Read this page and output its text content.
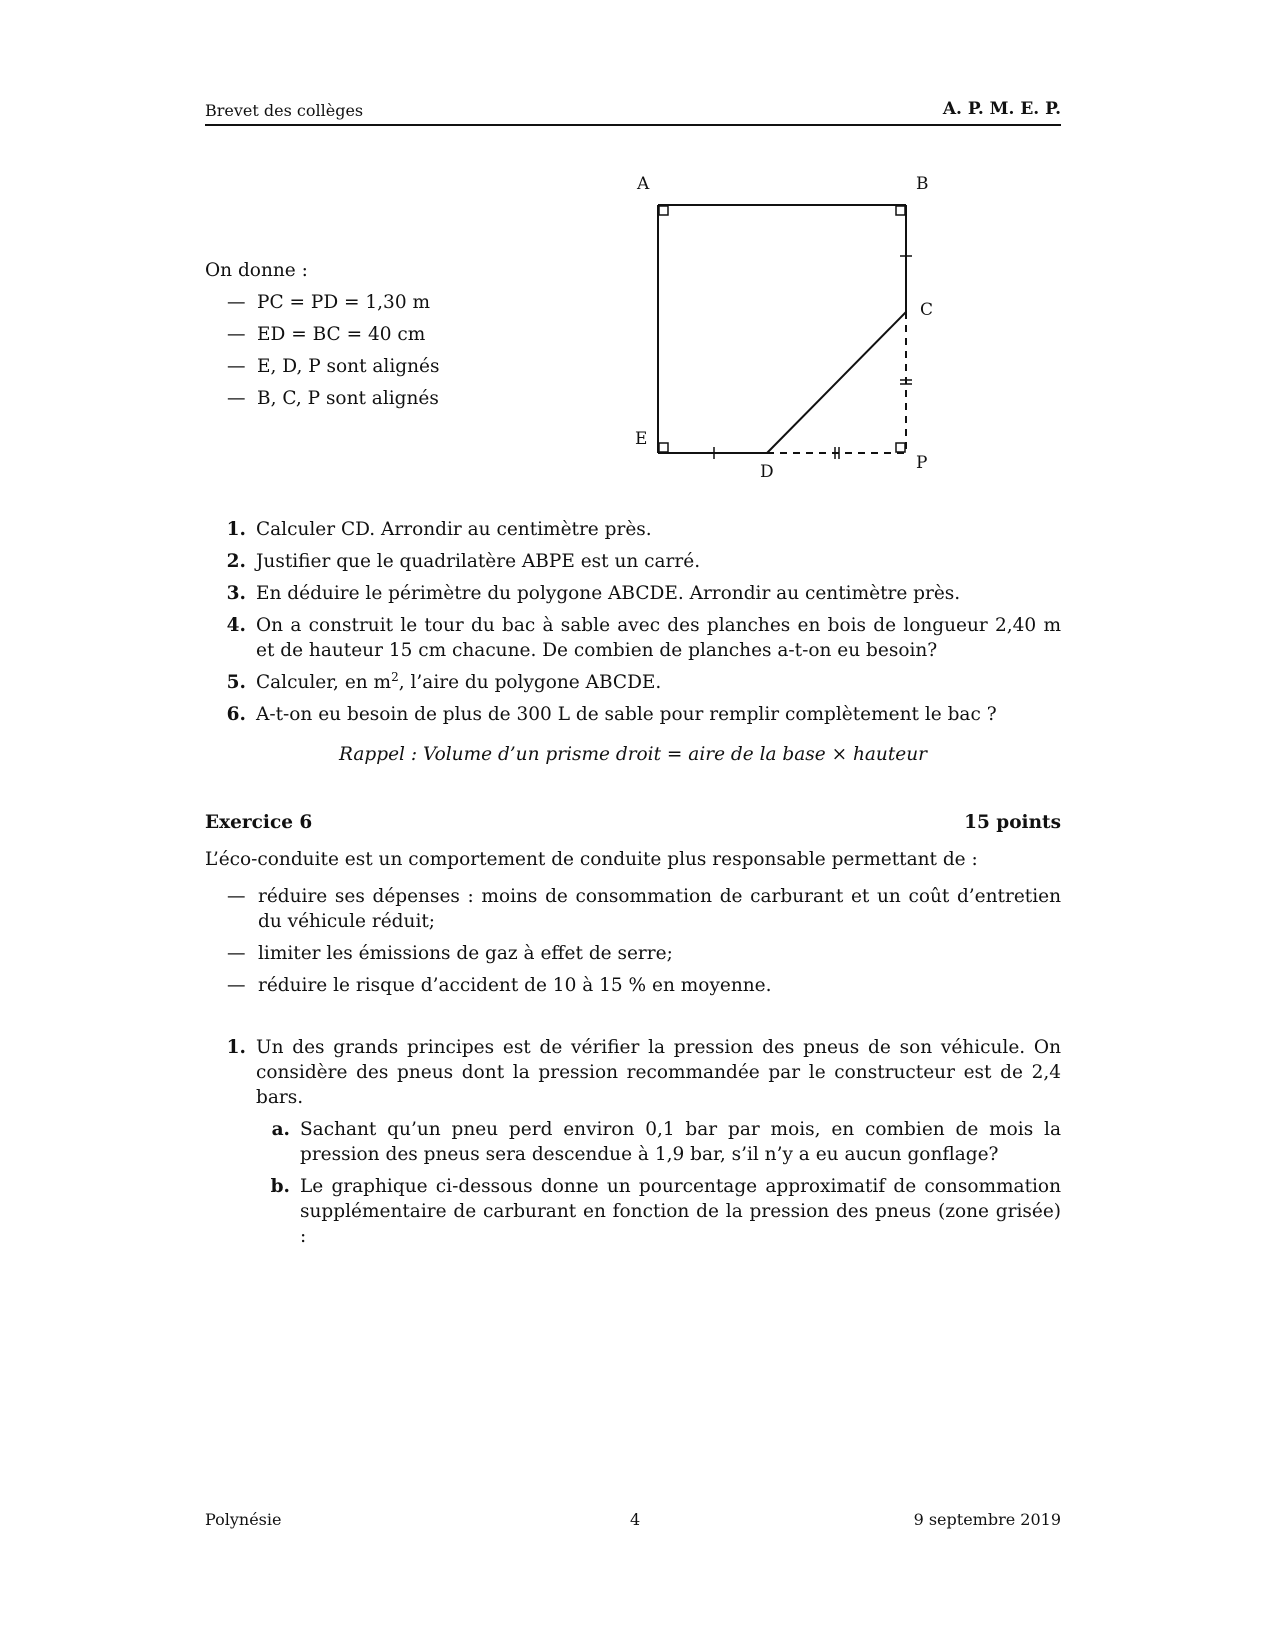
Brevet des collèges	A. P. M. E. P.
On donne :
— PC = PD = 1,30 m
— ED = BC = 40 cm
— E, D, P sont alignés
— B, C, P sont alignés
A	B
C
D
E
P
1. Calculer CD. Arrondir au centimètre près.
2. Justifier que le quadrilatère ABPE est un carré.
3. En déduire le périmètre du polygone ABCDE. Arrondir au centimètre près.
4. On a construit le tour du bac à sable avec des planches en bois de longueur 2,40 m et de hauteur 15 cm chacune. De combien de planches a-t-on eu besoin?
5. Calculer, en $m^2$, l’aire du polygone ABCDE.
6. A-t-on eu besoin de plus de 300 L de sable pour remplir complètement le bac ?
Rappel : Volume d’un prisme droit = aire de la base × hauteur
Exercice 6	15 points
L’éco-conduite est un comportement de conduite plus responsable permettant de :
— réduire ses dépenses : moins de consommation de carburant et un coût d’entretien du véhicule réduit;
— limiter les émissions de gaz à effet de serre;
— réduire le risque d’accident de 10 à 15 % en moyenne.
1. Un des grands principes est de vérifier la pression des pneus de son véhicule. On considère des pneus dont la pression recommandée par le constructeur est de 2,4 bars.
a. Sachant qu’un pneu perd environ 0,1 bar par mois, en combien de mois la pression des pneus sera descendue à 1,9 bar, s’il n’y a eu aucun gonflage?
b. Le graphique ci-dessous donne un pourcentage approximatif de consommation supplémentaire de carburant en fonction de la pression des pneus (zone grisée) :
Polynésie	4	9 septembre 2019
